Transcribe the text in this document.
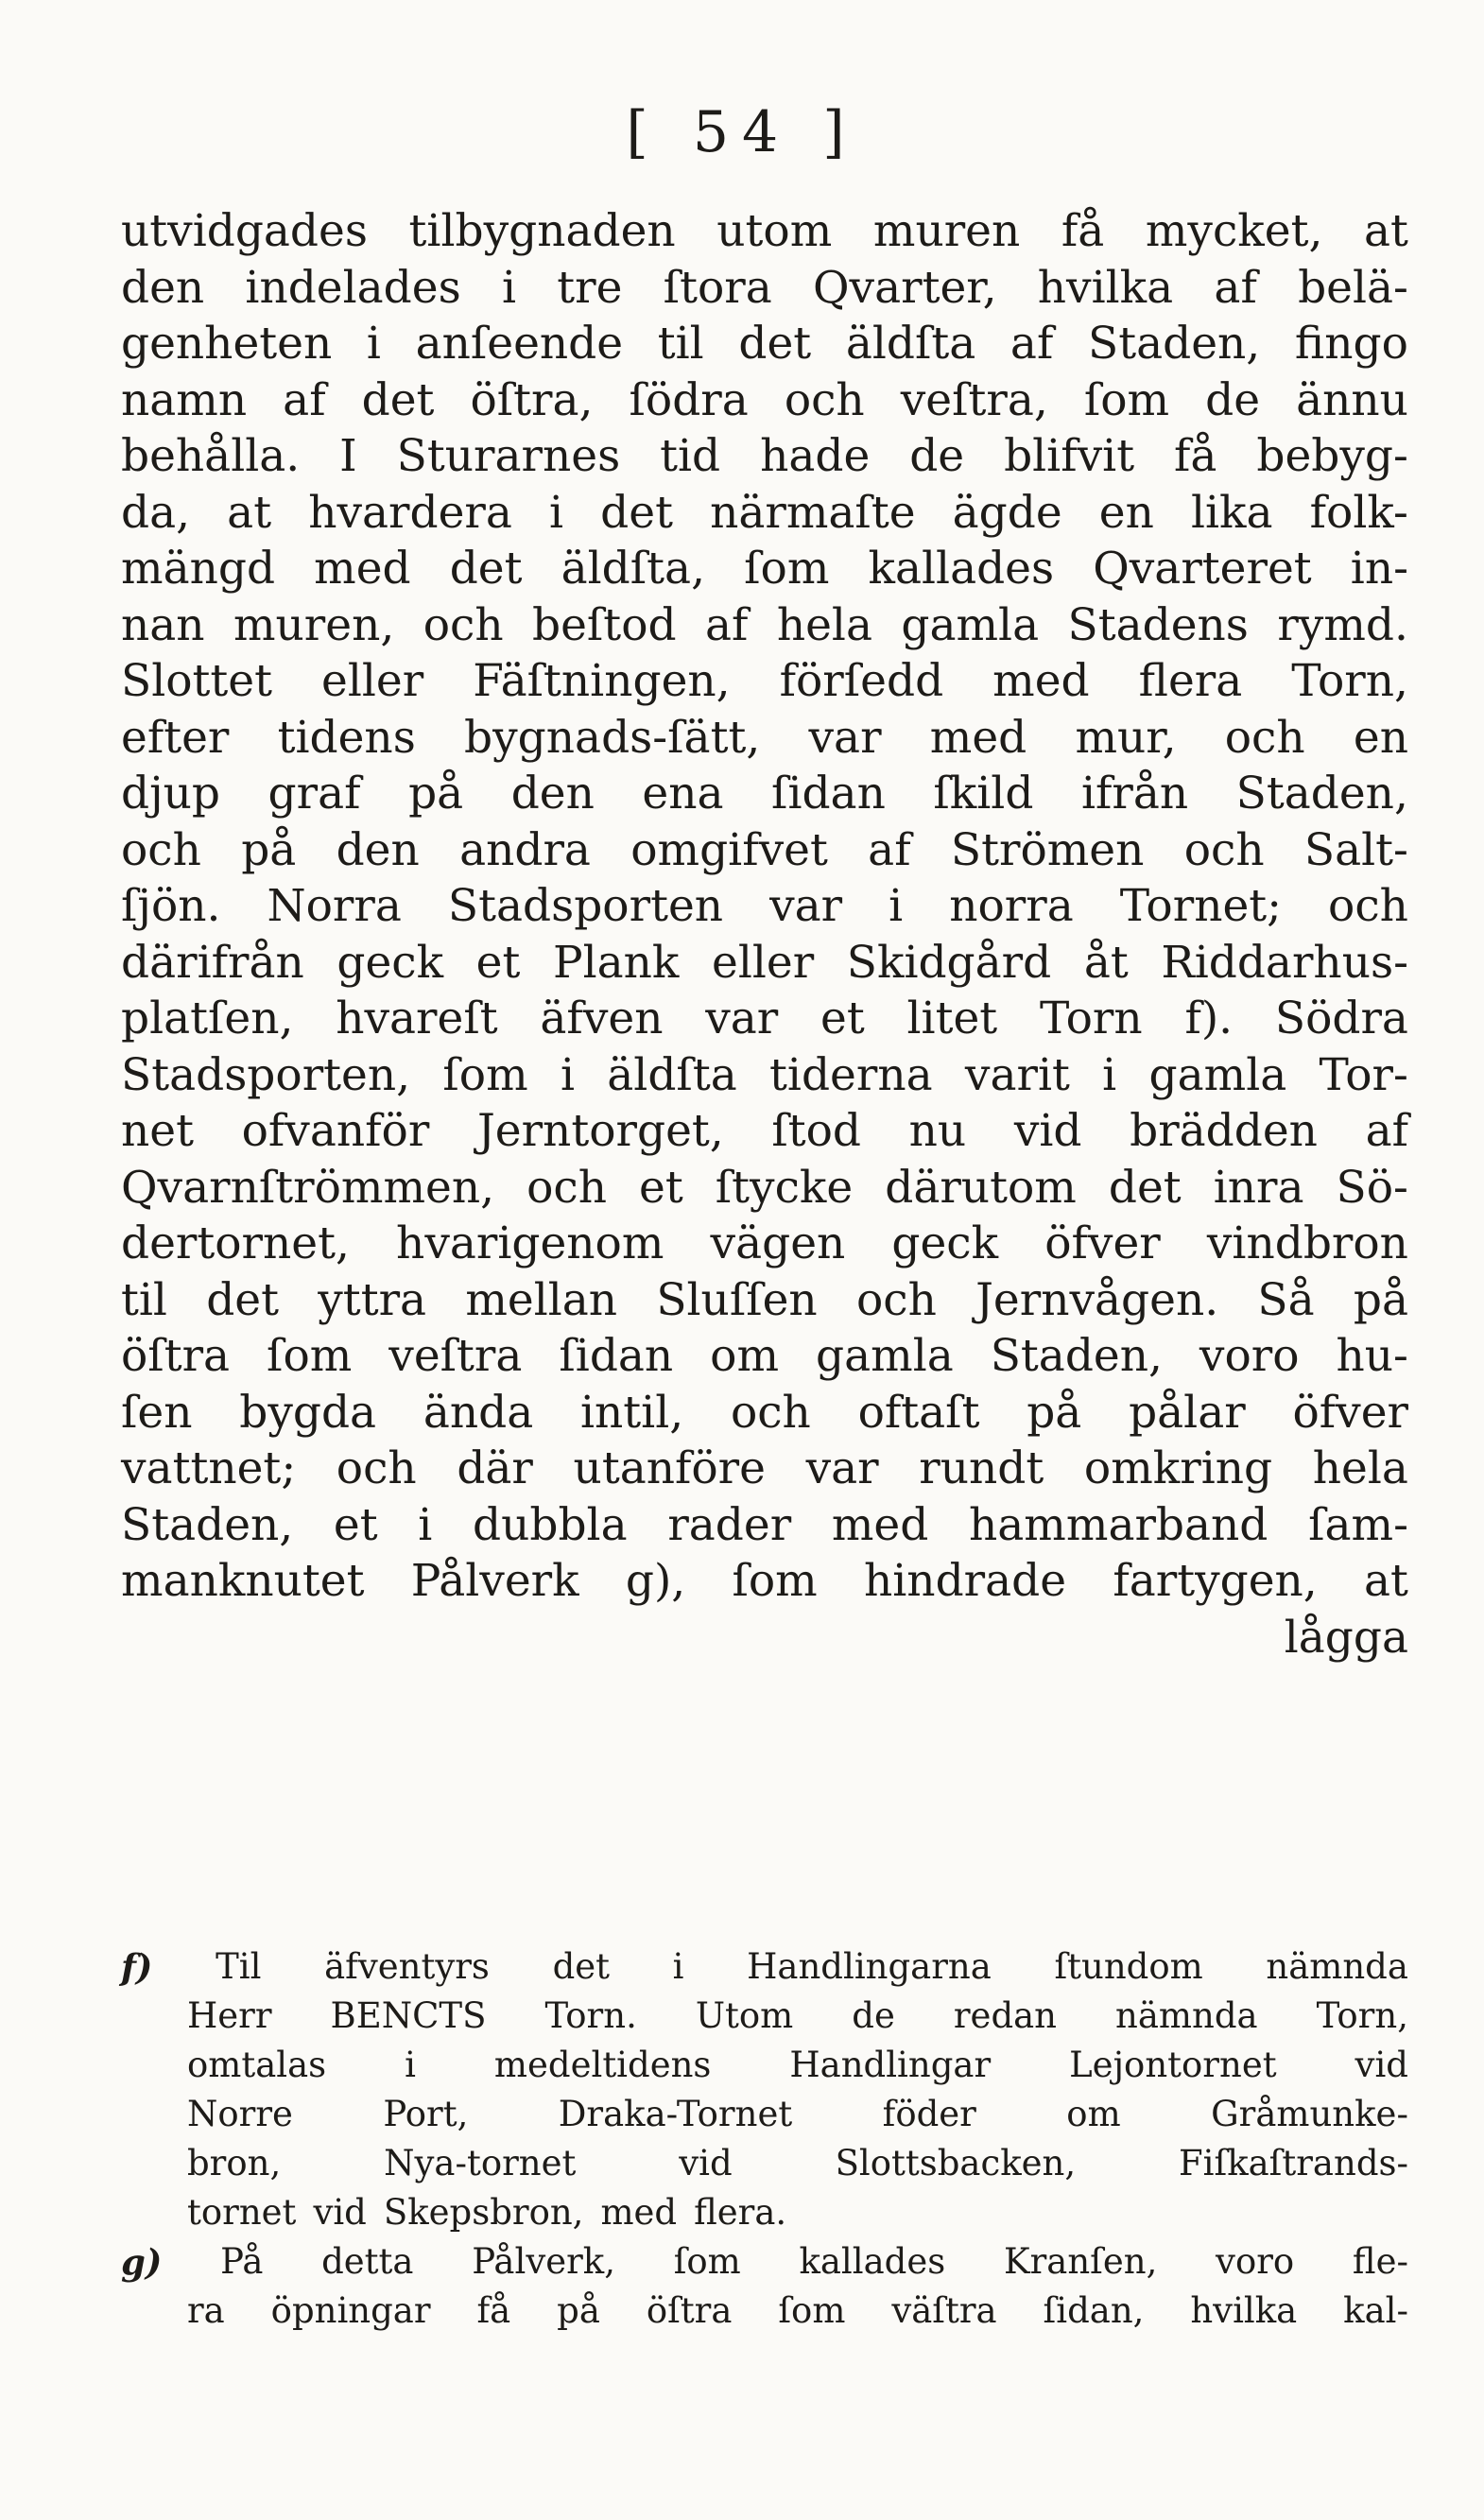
[ 54 ]
utvidgades tilbygnaden utom muren få mycket, at
den indelades i tre ſtora Qvarter, hvilka af belä-
genheten i anſeende til det äldſta af Staden, fingo
namn af det öſtra, ſödra och veſtra, ſom de ännu
behålla. I Sturarnes tid hade de blifvit få bebyg-
da, at hvardera i det närmaſte ägde en lika folk-
mängd med det äldſta, ſom kallades Qvarteret in-
nan muren, och beſtod af hela gamla Stadens rymd.
Slottet eller Fäſtningen, förſedd med flera Torn,
efter tidens bygnads-ſätt, var med mur, och en
djup graf på den ena ſidan ſkild ifrån Staden,
och på den andra omgifvet af Strömen och Salt-
ſjön. Norra Stadsporten var i norra Tornet; och
därifrån geck et Plank eller Skidgård åt Riddarhus-
platſen, hvareſt äfven var et litet Torn f). Södra
Stadsporten, ſom i äldſta tiderna varit i gamla Tor-
net ofvanför Jerntorget, ſtod nu vid brädden af
Qvarnſtrömmen, och et ſtycke därutom det inra Sö-
dertornet, hvarigenom vägen geck öfver vindbron
til det yttra mellan Sluſſen och Jernvågen. Så på
öſtra ſom veſtra ſidan om gamla Staden, voro hu-
ſen bygda ända intil, och oftaſt på pålar öfver
vattnet; och där utanföre var rundt omkring hela
Staden, et i dubbla rader med hammarband ſam-
manknutet Pålverk g), ſom hindrade fartygen, at
lågga
f) Til äfventyrs det i Handlingarna ſtundom nämnda
Herr BENCTS Torn. Utom de redan nämnda Torn,
omtalas i medeltidens Handlingar Lejontornet vid
Norre	Port,	Draka-Tornet	föder	om	Gråmunke-
bron,	Nya-tornet	vid	Slottsbacken,	Fiſkaſtrands-
tornet vid Skepsbron, med flera.
g) På detta Pålverk, ſom kallades Kranſen, voro fle-
ra öpningar få på öſtra ſom väſtra ſidan, hvilka kal-
